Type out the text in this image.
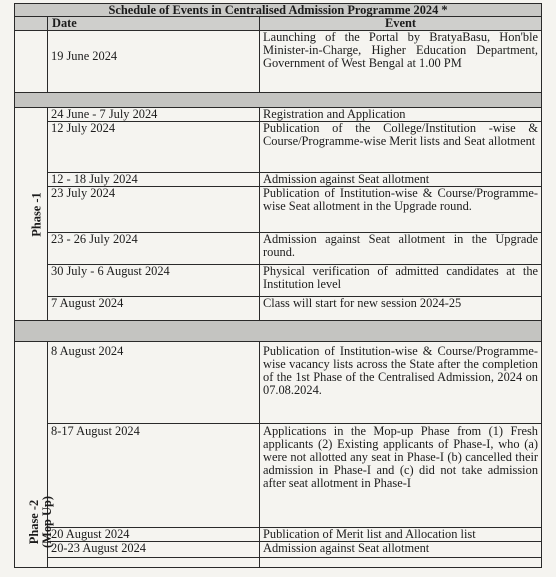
Schedule of Events in Centralised Admission Programme 2024 *		
	Date	Event
	19 June 2024	Launching of the Portal by BratyaBasu, Hon'ble Minister-in-Charge, Higher Education Department, Government of West Bengal at 1.00 PM

Phase -1	24 June - 7 July 2024	Registration and Application
	12 July 2024	Publication of the College/Institution -wise & Course/Programme-wise Merit lists and Seat allotment
	12 - 18 July 2024	Admission against Seat allotment
	23 July 2024	Publication of Institution-wise & Course/Programme-wise Seat allotment in the Upgrade round.
	23 - 26 July 2024	Admission against Seat allotment in the Upgrade round.
	30 July - 6 August 2024	Physical verification of admitted candidates at the Institution level
	7 August 2024	Class will start for new session 2024-25

Phase -2
(Mop Up)	8 August 2024	Publication of Institution-wise & Course/Programme-wise vacancy lists across the State after the completion of the 1st Phase of the Centralised Admission, 2024 on 07.08.2024.
	8-17 August 2024	Applications in the Mop-up Phase from (1) Fresh applicants (2) Existing applicants of Phase-I, who (a) were not allotted any seat in Phase-I (b) cancelled their admission in Phase-I and (c) did not take admission after seat allotment in Phase-I
	20 August 2024	Publication of Merit list and Allocation list
	20-23 August 2024	Admission against Seat allotment
